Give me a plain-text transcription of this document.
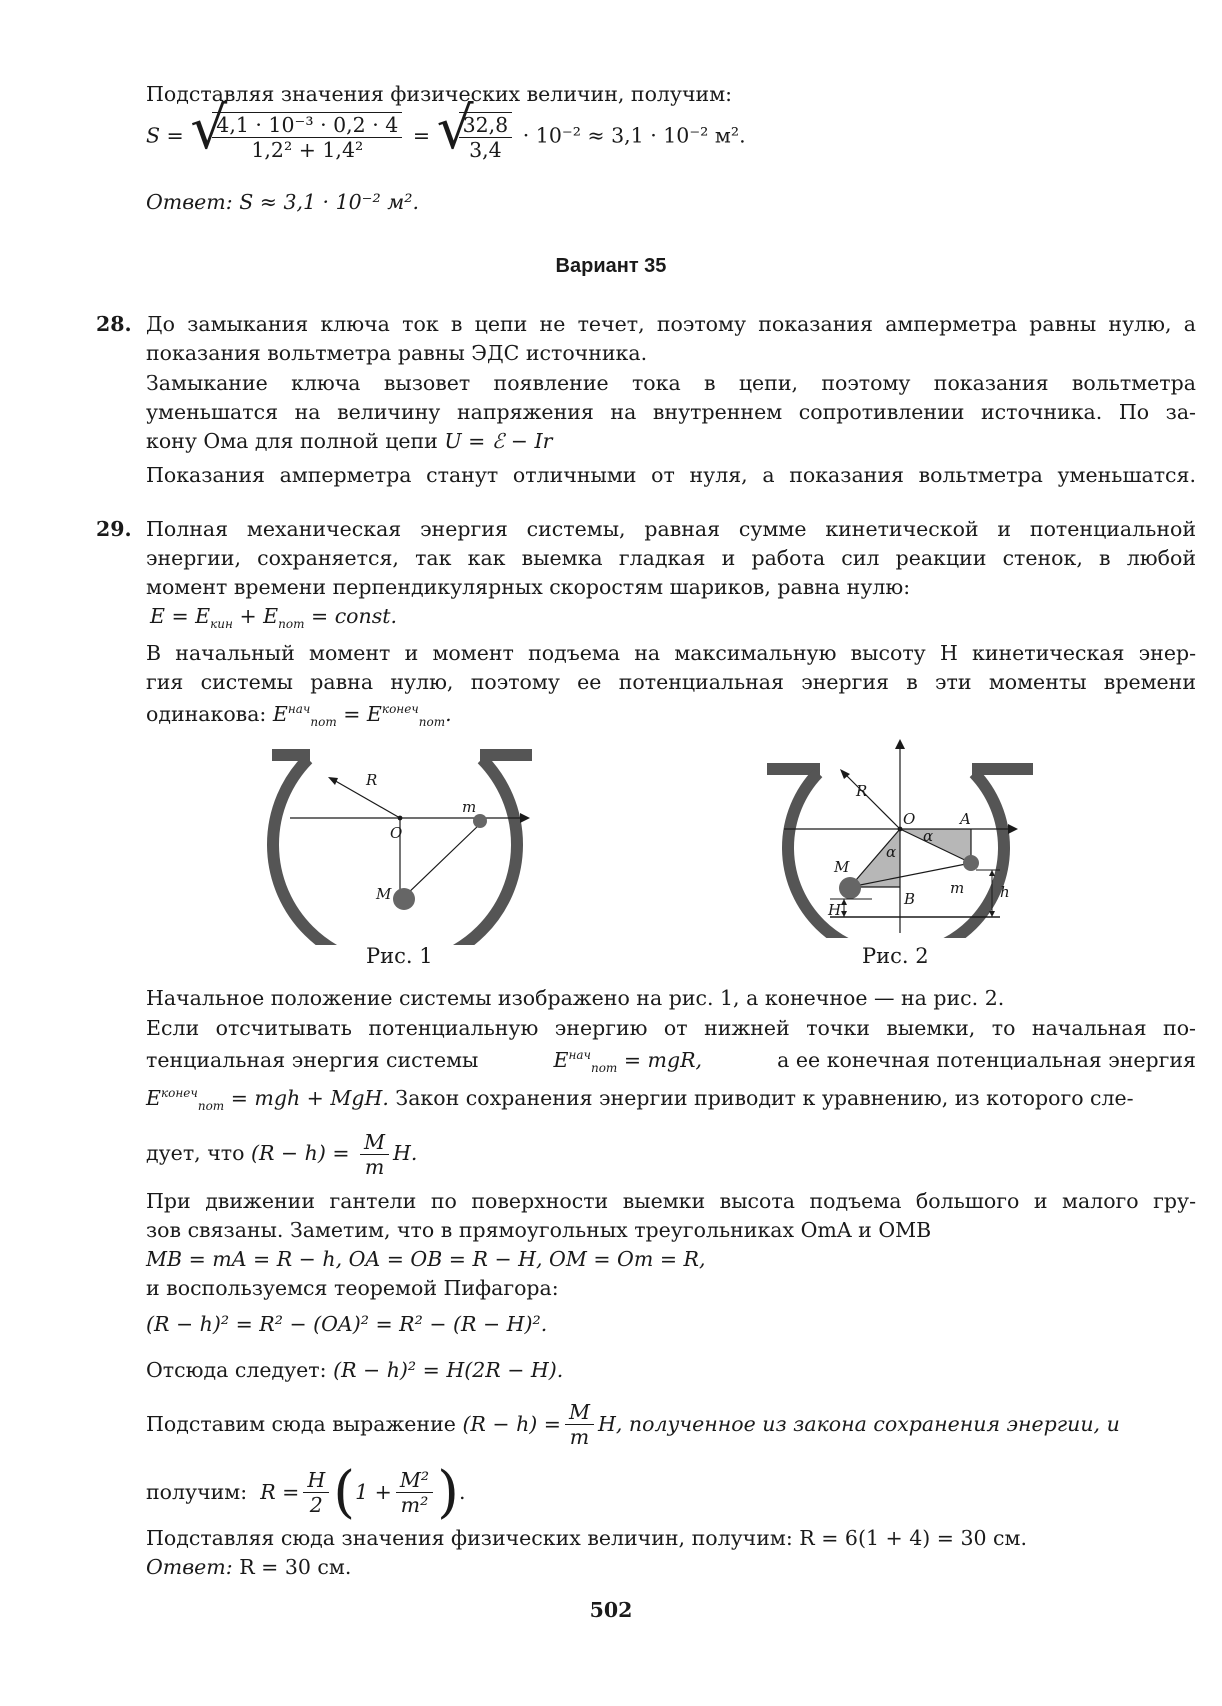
Подставляя значения физических величин, получим:
S = √ $\frac{\text{4,1 · 10⁻³ · 0,2 · 4}}{\text{1,2² + 1,4²}}$ = √ $\frac{32,8}{3,4} \cdot 10^{-2} \approx 3,1 \cdot 10^{-2}$ м².
Ответ: S ≈ 3,1 · 10⁻² м².
Вариант 35
28. До замыкания ключа ток в цепи не течет, поэтому показания амперметра равны нулю, а
показания вольтметра равны ЭДС источника.
Замыкание ключа вызовет появление тока в цепи, поэтому показания вольтметра
уменьшатся на величину напряжения на внутреннем сопротивлении источника. По за-
кону Ома для полной цепи U = ℰ − Ir
Показания амперметра станут отличными от нуля, а показания вольтметра уменьшатся.
29. Полная механическая энергия системы, равная сумме кинетической и потенциальной
энергии, сохраняется, так как выемка гладкая и работа сил реакции стенок, в любой
момент времени перпендикулярных скоростям шариков, равна нулю:
$E = E_{кин} + E_{пот}$ = const.
В начальный момент и момент подъема на максимальную высоту H кинетическая энер-
гия системы равна нулю, поэтому ее потенциальная энергия в эти моменты времени
одинакова: $E^{нач}_{пот} = E^{конеч}_{пот}$.
R
O
m
M
Рис. 1
R
O	A
α
α
M
B
m
H
h
Рис. 2
Начальное положение системы изображено на рис. 1, а конечное — на рис. 2.
Если отсчитывать потенциальную энергию от нижней точки выемки, то начальная по-
тенциальная энергия системы	$E^{нач}_{пот}$ = mgR,	а ее конечная потенциальная энергия
$E^{конеч}_{пот}$ = mgh + MgH. Закон сохранения энергии приводит к уравнению, из которого сле-
дует, что $(R - h) = \frac{M}{m} H$.
При движении гантели по поверхности выемки высота подъема большого и малого гру-
зов связаны. Заметим, что в прямоугольных треугольниках OmA и OMB
MB = mA = R − h, OA = OB = R − H, OM = Om = R,
и воспользуемся теоремой Пифагора:
(R − h)² = R² − (OA)² = R² − (R − H)².
Отсюда следует: (R − h)² = H(2R − H).
Подставим сюда выражение
$(R - h) = \frac{M}{m} H$, полученное из закона сохранения энергии, и
получим:
$R = \frac{H}{2}$ ( $1 + \frac{\text{M²}}{\text{m²}}$ ) .
Подставляя сюда значения физических величин, получим: R = 6(1 + 4) = 30 см.
Ответ: R = 30 см.
502
